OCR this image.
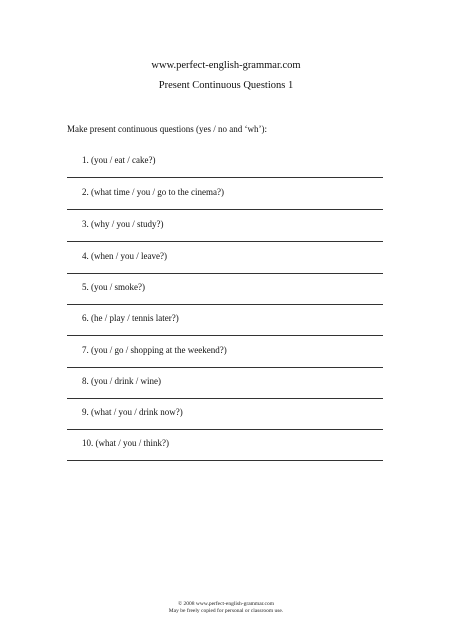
www.perfect-english-grammar.com
Present Continuous Questions 1
Make present continuous questions (yes / no and ‘wh’):
1. (you / eat / cake?)
2. (what time / you / go to the cinema?)
3. (why / you / study?)
4. (when / you / leave?)
5. (you / smoke?)
6. (he / play / tennis later?)
7. (you / go / shopping at the weekend?)
8. (you / drink / wine)
9. (what / you / drink now?)
10. (what / you / think?)
© 2008 www.perfect-english-grammar.com
May be freely copied for personal or classroom use.
